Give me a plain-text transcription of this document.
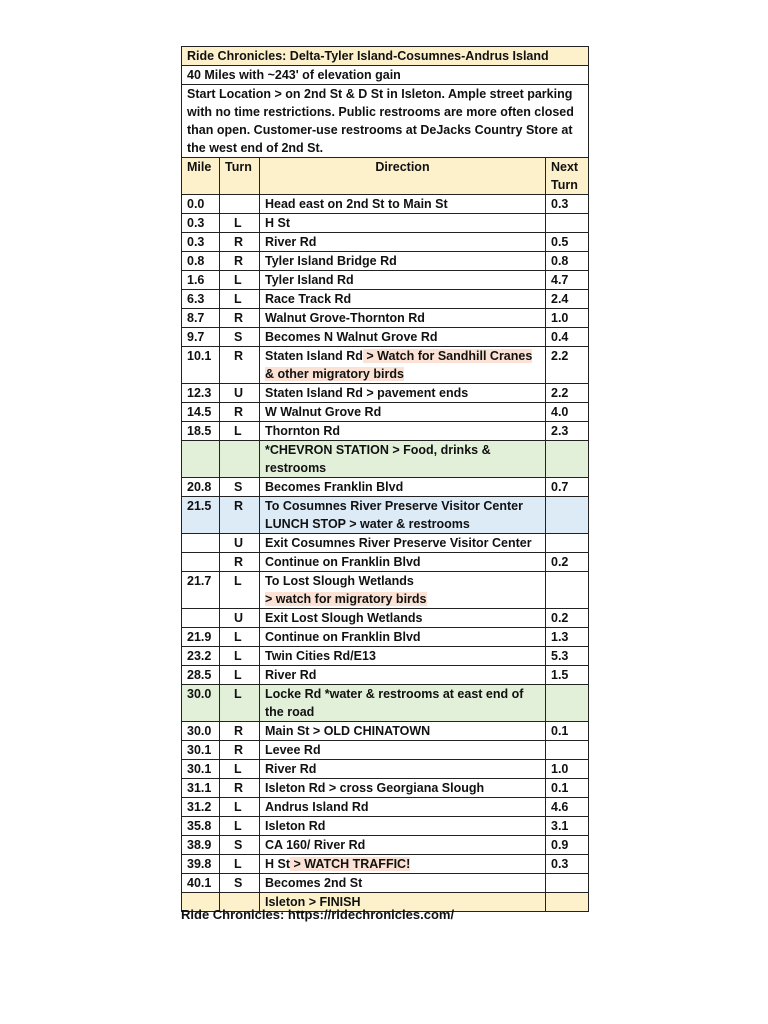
Ride Chronicles: Delta-Tyler Island-Cosumnes-Andrus Island			
40 Miles with ~243' of elevation gain			
Start Location > on 2nd St & D St in Isleton. Ample street parking with no time restrictions. Public restrooms are more often closed than open. Customer-use restrooms at DeJacks Country Store at the west end of 2nd St.			
Mile	Turn	Direction	Next Turn
0.0		Head east on 2nd St to Main St	0.3
0.3	L	H St	
0.3	R	River Rd	0.5
0.8	R	Tyler Island Bridge Rd	0.8
1.6	L	Tyler Island Rd	4.7
6.3	L	Race Track Rd	2.4
8.7	R	Walnut Grove-Thornton Rd	1.0
9.7	S	Becomes N Walnut Grove Rd	0.4
10.1	R	Staten Island Rd > Watch for Sandhill Cranes & other migratory birds	2.2
12.3	U	Staten Island Rd > pavement ends	2.2
14.5	R	W Walnut Grove Rd	4.0
18.5	L	Thornton Rd	2.3
		*CHEVRON STATION > Food, drinks & restrooms	
20.8	S	Becomes Franklin Blvd	0.7
21.5	R	To Cosumnes River Preserve Visitor Center LUNCH STOP > water & restrooms	
	U	Exit Cosumnes River Preserve Visitor Center	
	R	Continue on Franklin Blvd	0.2
21.7	L	To Lost Slough Wetlands
> watch for migratory birds	
	U	Exit Lost Slough Wetlands	0.2
21.9	L	Continue on Franklin Blvd	1.3
23.2	L	Twin Cities Rd/E13	5.3
28.5	L	River Rd	1.5
30.0	L	Locke Rd *water & restrooms at east end of the road	
30.0	R	Main St > OLD CHINATOWN	0.1
30.1	R	Levee Rd	
30.1	L	River Rd	1.0
31.1	R	Isleton Rd > cross Georgiana Slough	0.1
31.2	L	Andrus Island Rd	4.6
35.8	L	Isleton Rd	3.1
38.9	S	CA 160/ River Rd	0.9
39.8	L	H St > WATCH TRAFFIC!	0.3
40.1	S	Becomes 2nd St	
		Isleton > FINISH	
Ride Chronicles: https://ridechronicles.com/
